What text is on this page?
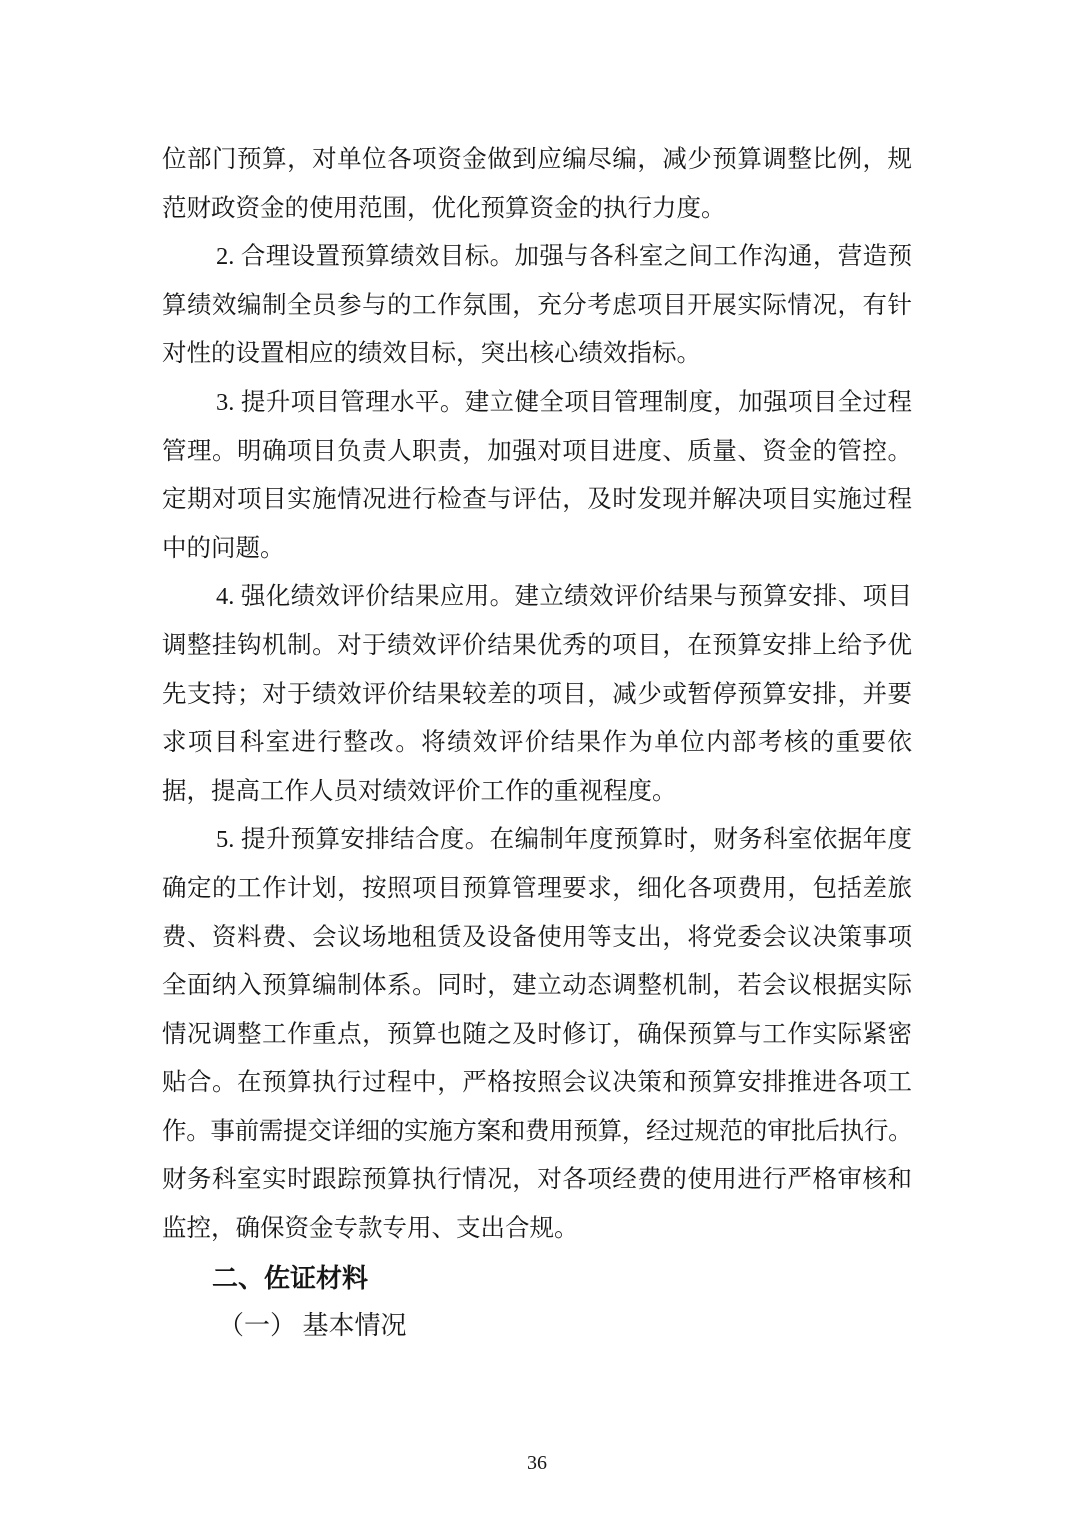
位部门预算，对单位各项资金做到应编尽编，减少预算调整比例，规
范财政资金的使用范围，优化预算资金的执行力度。
2. 合理设置预算绩效目标。加强与各科室之间工作沟通，营造预
算绩效编制全员参与的工作氛围，充分考虑项目开展实际情况，有针
对性的设置相应的绩效目标，突出核心绩效指标。
3. 提升项目管理水平。建立健全项目管理制度，加强项目全过程
管理。明确项目负责人职责，加强对项目进度、质量、资金的管控。
定期对项目实施情况进行检查与评估，及时发现并解决项目实施过程
中的问题。
4. 强化绩效评价结果应用。建立绩效评价结果与预算安排、项目
调整挂钩机制。对于绩效评价结果优秀的项目，在预算安排上给予优
先支持；对于绩效评价结果较差的项目，减少或暂停预算安排，并要
求项目科室进行整改。将绩效评价结果作为单位内部考核的重要依
据，提高工作人员对绩效评价工作的重视程度。
5. 提升预算安排结合度。在编制年度预算时，财务科室依据年度
确定的工作计划，按照项目预算管理要求，细化各项费用，包括差旅
费、资料费、会议场地租赁及设备使用等支出，将党委会议决策事项
全面纳入预算编制体系。同时，建立动态调整机制，若会议根据实际
情况调整工作重点，预算也随之及时修订，确保预算与工作实际紧密
贴合。在预算执行过程中，严格按照会议决策和预算安排推进各项工
作。事前需提交详细的实施方案和费用预算，经过规范的审批后执行。
财务科室实时跟踪预算执行情况，对各项经费的使用进行严格审核和
监控，确保资金专款专用、支出合规。
二、佐证材料
（一） 基本情况
36
